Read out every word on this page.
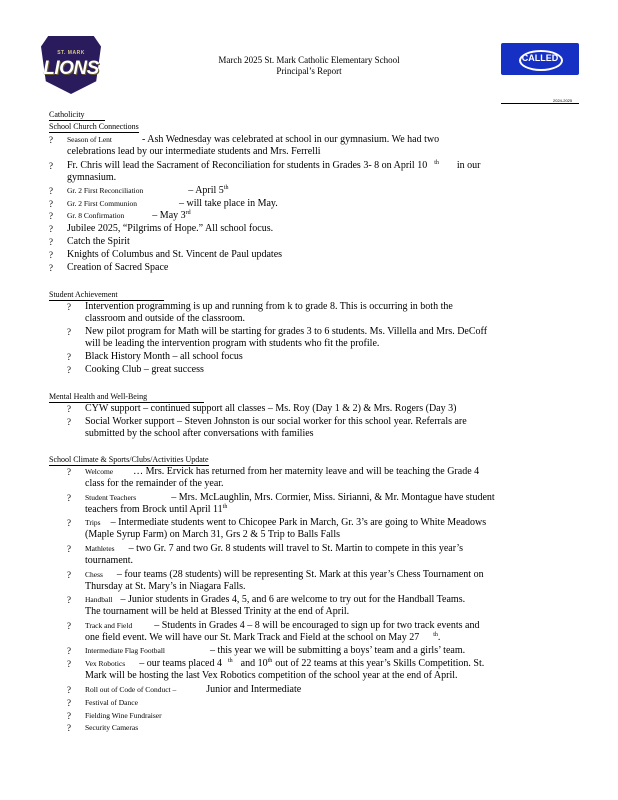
ST. MARK
LIONS	March 2025 St. Mark Catholic Elementary School
Principal’s Report
CALLED
2024-2025
Catholicity
School Church Connections
?	Season of Lent	- Ash Wednesday was celebrated at school in our gymnasium. We had two
celebrations lead by our intermediate students and Mrs. Ferrelli
?	Fr. Chris will lead the Sacrament of Reconciliation for students in Grades 3- 8 on April 10 $^{th}$ in our
gymnasium.
?	Gr. 2 First Reconciliation	– April 5th
?	Gr. 2 First Communion	– will take place in May.
?	Gr. 8 Confirmation	– May 3rd
?	Jubilee 2025, “Pilgrims of Hope.” All school focus.
?	Catch the Spirit
?	Knights of Columbus and St. Vincent de Paul updates
?	Creation of Sacred Space
Student Achievement
?	Intervention programming is up and running from k to grade 8. This is occurring in both the
classroom and outside of the classroom.
?	New pilot program for Math will be starting for grades 3 to 6 students. Ms. Villella and Mrs. DeCoff
will be leading the intervention program with students who fit the profile.
?	Black History Month – all school focus
?	Cooking Club – great success
Mental Health and Well-Being
?	CYW support – continued support all classes – Ms. Roy (Day 1 & 2) & Mrs. Rogers (Day 3)
?	Social Worker support – Steven Johnston is our social worker for this school year. Referrals are
submitted by the school after conversations with families
School Climate & Sports/Clubs/Activities Update
?	Welcome … Mrs. Ervick has returned from her maternity leave and will be teaching the Grade 4
class for the remainder of the year.
?	Student Teachers	– Mrs. McLaughlin, Mrs. Cormier, Miss. Sirianni, & Mr. Montague have student
teachers from Brock until April 11th
?	Trips – Intermediate students went to Chicopee Park in March, Gr. 3’s are going to White Meadows
(Maple Syrup Farm) on March 31, Grs 2 & 5 Trip to Balls Falls
?	Mathletes – two Gr. 7 and two Gr. 8 students will travel to St. Martin to compete in this year’s
tournament.
?	Chess – four teams (28 students) will be representing St. Mark at this year’s Chess Tournament on
Thursday at St. Mary’s in Niagara Falls.
?	Handball – Junior students in Grades 4, 5, and 6 are welcome to try out for the Handball Teams.
The tournament will be held at Blessed Trinity at the end of April.
?	Track and Field – Students in Grades 4 – 8 will be encouraged to sign up for two track events and
one field event. We will have our St. Mark Track and Field at the school on May 27 $^{th}$.
?	Intermediate Flag Football	– this year we will be submitting a boys’ team and a girls’ team.
?	Vex Robotics – our teams placed 4 $^{th}$ and 10th out of 22 teams at this year’s Skills Competition. St.
Mark will be hosting the last Vex Robotics competition of the school year at the end of April.
?	Roll out of Code of Conduct –	Junior and Intermediate
?	Festival of Dance
?	Fielding Wine Fundraiser
?	Security Cameras
